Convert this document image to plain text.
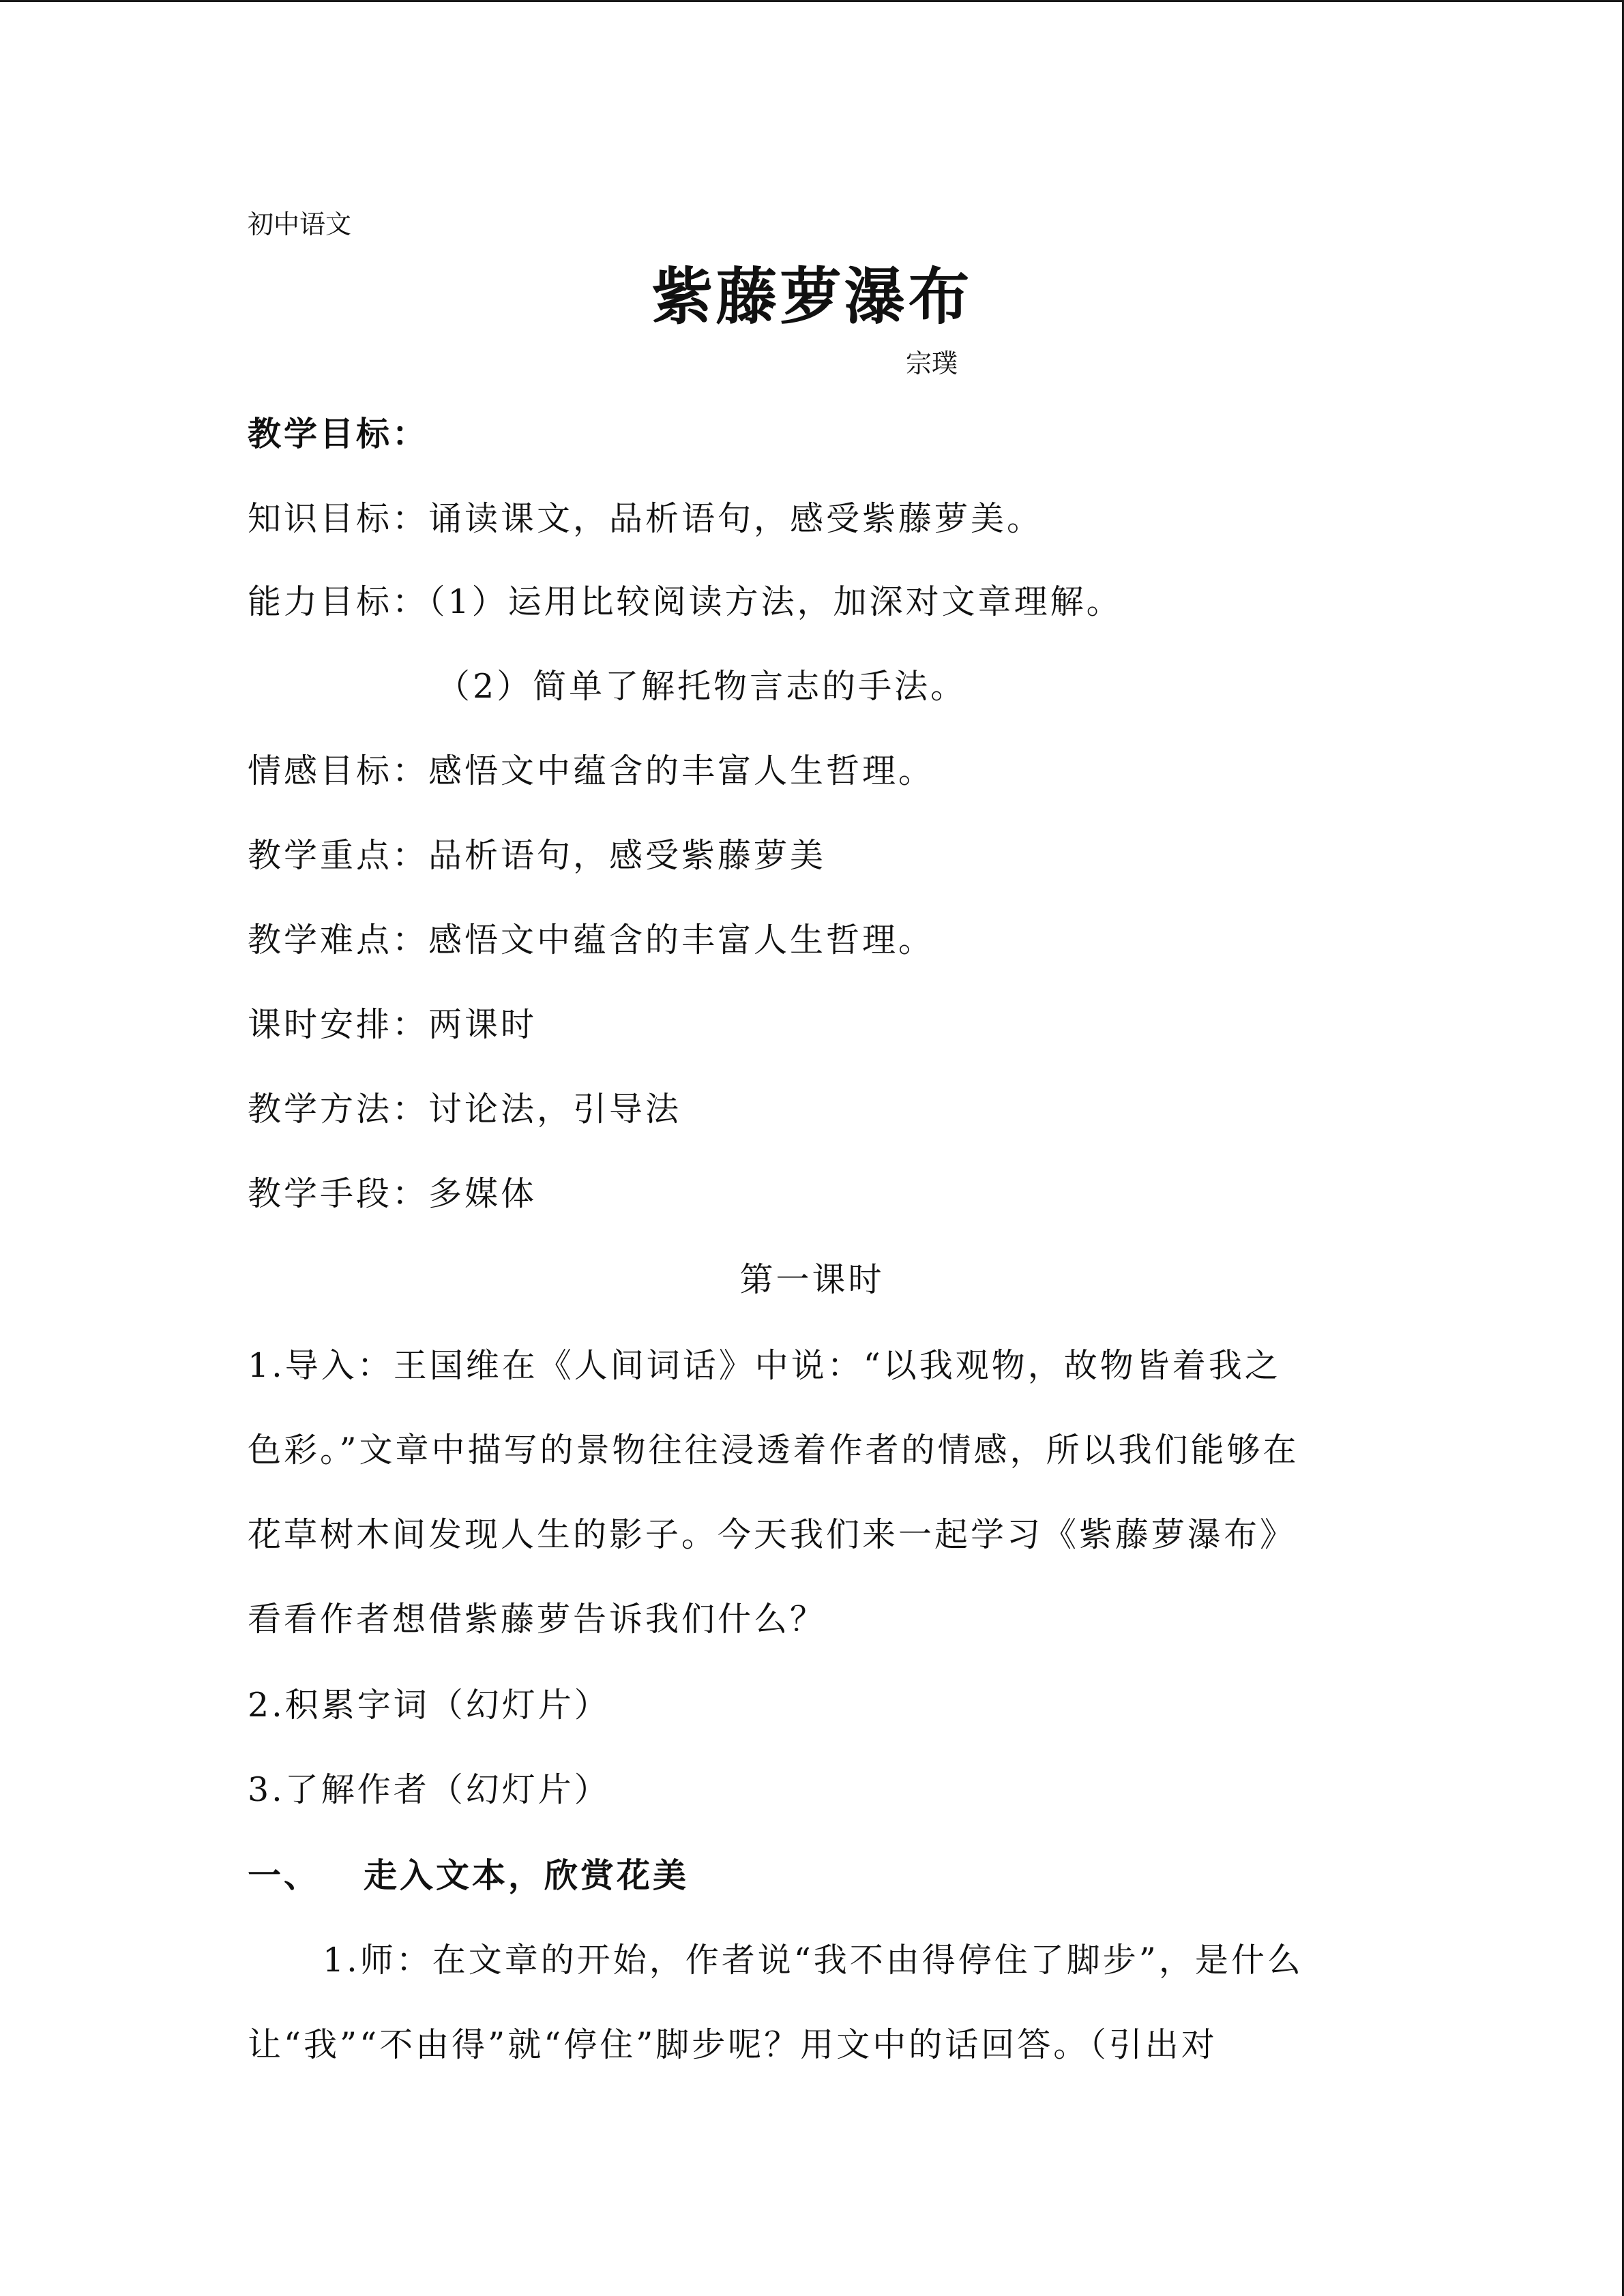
初中语文
紫藤萝瀑布
宗璞
教学目标：
知识目标：诵读课文，品析语句，感受紫藤萝美。
能力目标：（1）运用比较阅读方法，加深对文章理解。
（2）简单了解托物言志的手法。
情感目标：感悟文中蕴含的丰富人生哲理。
教学重点：品析语句，感受紫藤萝美
教学难点：感悟文中蕴含的丰富人生哲理。
课时安排：两课时
教学方法：讨论法，引导法
教学手段：多媒体
第一课时
1.导入：王国维在《人间词话》中说：“以我观物，故物皆着我之
色彩。”文章中描写的景物往往浸透着作者的情感，所以我们能够在
花草树木间发现人生的影子。今天我们来一起学习《紫藤萝瀑布》
看看作者想借紫藤萝告诉我们什么？
2.积累字词（幻灯片）
3.了解作者（幻灯片）
一、 走入文本，欣赏花美
1.师：在文章的开始，作者说“我不由得停住了脚步”，是什么
让“我”“不由得”就“停住”脚步呢？用文中的话回答。（引出对
